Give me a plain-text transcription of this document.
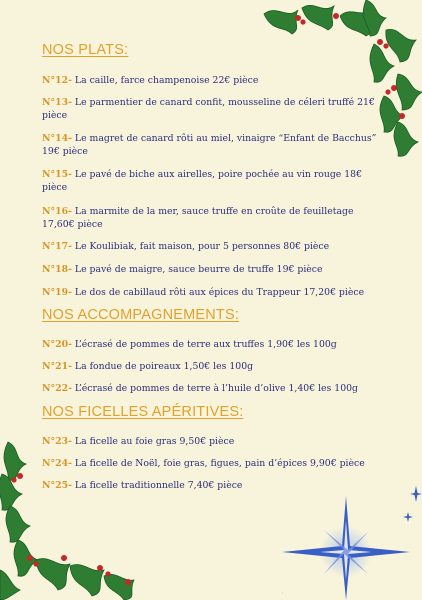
NOS PLATS:
N°12- La caille, farce champenoise 22€ pièce
N°13- Le parmentier de canard confit, mousseline de céleri truffé 21€ pièce
N°14- Le magret de canard rôti au miel, vinaigre “Enfant de Bacchus” 19€ pièce
N°15- Le pavé de biche aux airelles, poire pochée au vin rouge 18€ pièce
N°16- La marmite de la mer, sauce truffe en croûte de feuilletage 17,60€ pièce
N°17- Le Koulibiak, fait maison, pour 5 personnes 80€ pièce
N°18- Le pavé de maigre, sauce beurre de truffe 19€ pièce
N°19- Le dos de cabillaud rôti aux épices du Trappeur 17,20€ pièce
NOS ACCOMPAGNEMENTS:
N°20- L’écrasé de pommes de terre aux truffes 1,90€ les 100g
N°21- La fondue de poireaux 1,50€ les 100g
N°22- L’écrasé de pommes de terre à l’huile d’olive 1,40€ les 100g
NOS FICELLES APÉRITIVES:
N°23- La ficelle au foie gras 9,50€ pièce
N°24- La ficelle de Noël, foie gras, figues, pain d’épices 9,90€ pièce
N°25- La ficelle traditionnelle 7,40€ pièce
